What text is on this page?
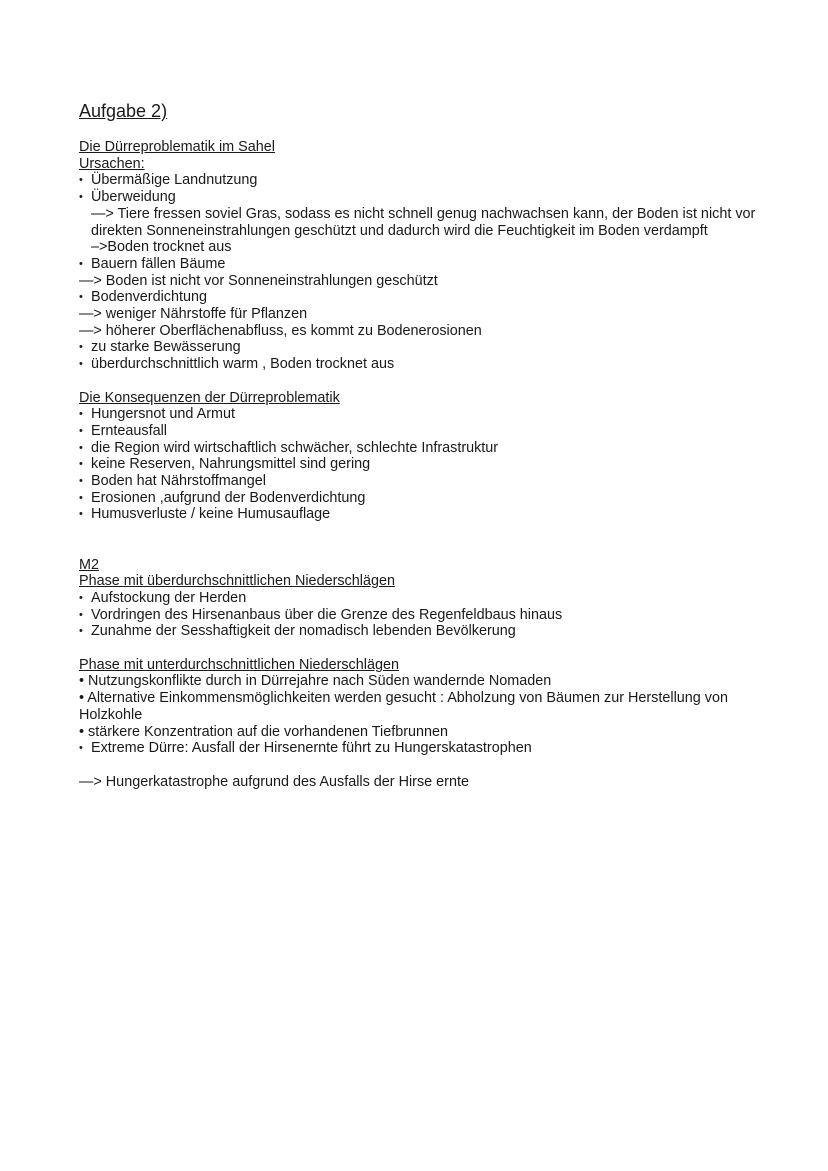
Aufgabe 2)
Die Dürreproblematik im Sahel
Ursachen:
• Übermäßige Landnutzung
• Überweidung
—> Tiere fressen soviel Gras, sodass es nicht schnell genug nachwachsen kann, der Boden ist nicht vor direkten Sonneneinstrahlungen geschützt und dadurch wird die Feuchtigkeit im Boden verdampft
–>Boden trocknet aus
• Bauern fällen Bäume
—> Boden ist nicht vor Sonneneinstrahlungen geschützt
• Bodenverdichtung
—> weniger Nährstoffe für Pflanzen
—> höherer Oberflächenabfluss, es kommt zu Bodenerosionen
• zu starke Bewässerung
• überdurchschnittlich warm , Boden trocknet aus
Die Konsequenzen der Dürreproblematik
• Hungersnot und Armut
• Ernteausfall
• die Region wird wirtschaftlich schwächer, schlechte Infrastruktur
• keine Reserven, Nahrungsmittel sind gering
• Boden hat Nährstoffmangel
• Erosionen ,aufgrund der Bodenverdichtung
• Humusverluste / keine Humusauflage
M2
Phase mit überdurchschnittlichen Niederschlägen
• Aufstockung der Herden
• Vordringen des Hirsenanbaus über die Grenze des Regenfeldbaus hinaus
• Zunahme der Sesshaftigkeit der nomadisch lebenden Bevölkerung
Phase mit unterdurchschnittlichen Niederschlägen
• Nutzungskonflikte durch in Dürrejahre nach Süden wandernde Nomaden
• Alternative Einkommensmöglichkeiten werden gesucht : Abholzung von Bäumen zur Herstellung von Holzkohle
• stärkere Konzentration auf die vorhandenen Tiefbrunnen
• Extreme Dürre: Ausfall der Hirsenernte führt zu Hungerskatastrophen
—> Hungerkatastrophe aufgrund des Ausfalls der Hirse ernte
